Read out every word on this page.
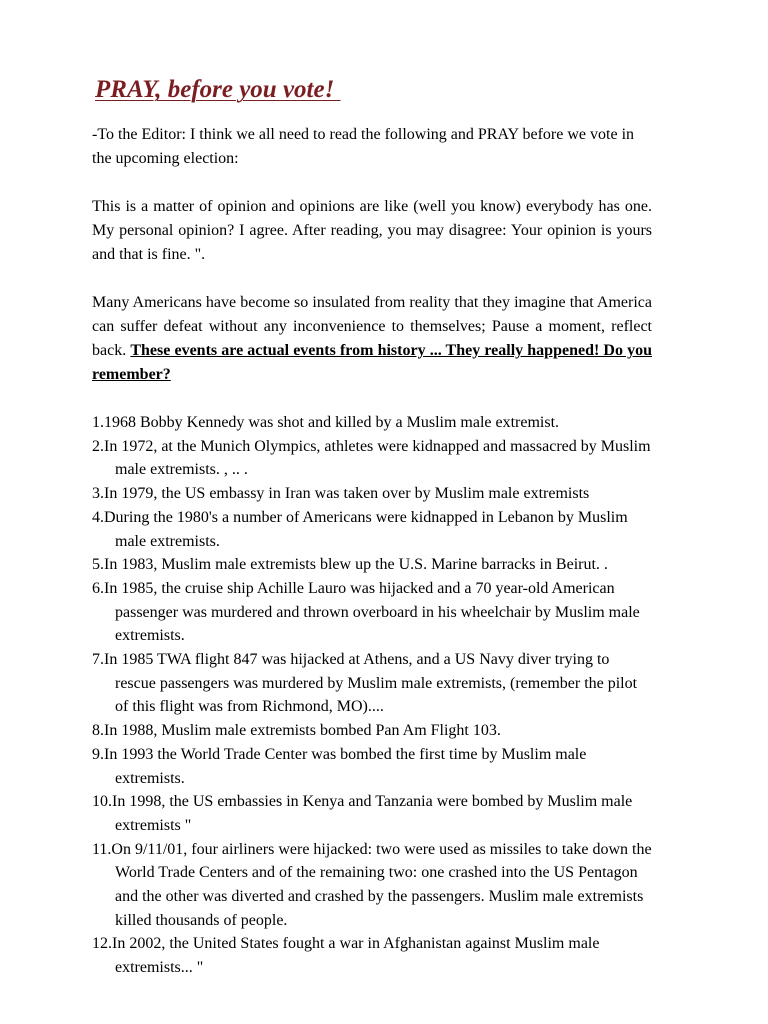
PRAY, before you vote!

-To the Editor: I think we all need to read the following and PRAY before we vote in the upcoming election:

This is a matter of opinion and opinions are like (well you know) everybody has one. My personal opinion? I agree. After reading, you may disagree: Your opinion is yours and that is fine. ".

Many Americans have become so insulated from reality that they imagine that America can suffer defeat without any inconvenience to themselves; Pause a moment, reflect back. These events are actual events from history ... They really happened! Do you remember?

1.1968 Bobby Kennedy was shot and killed by a Muslim male extremist.
2.In 1972, at the Munich Olympics, athletes were kidnapped and massacred by Muslim male extremists. , .. .
3.In 1979, the US embassy in Iran was taken over by Muslim male extremists
4.During the 1980's a number of Americans were kidnapped in Lebanon by Muslim male extremists.
5.In 1983, Muslim male extremists blew up the U.S. Marine barracks in Beirut. .
6.In 1985, the cruise ship Achille Lauro was hijacked and a 70 year-old American passenger was murdered and thrown overboard in his wheelchair by Muslim male extremists.
7.In 1985 TWA flight 847 was hijacked at Athens, and a US Navy diver trying to rescue passengers was murdered by Muslim male extremists, (remember the pilot of this flight was from Richmond, MO)....
8.In 1988, Muslim male extremists bombed Pan Am Flight 103.
9.In 1993 the World Trade Center was bombed the first time by Muslim male extremists.
10.In 1998, the US embassies in Kenya and Tanzania were bombed by Muslim male extremists "
11.On 9/11/01, four airliners were hijacked: two were used as missiles to take down the World Trade Centers and of the remaining two: one crashed into the US Pentagon and the other was diverted and crashed by the passengers. Muslim male extremists killed thousands of people.
12.In 2002, the United States fought a war in Afghanistan against Muslim male extremists... "
